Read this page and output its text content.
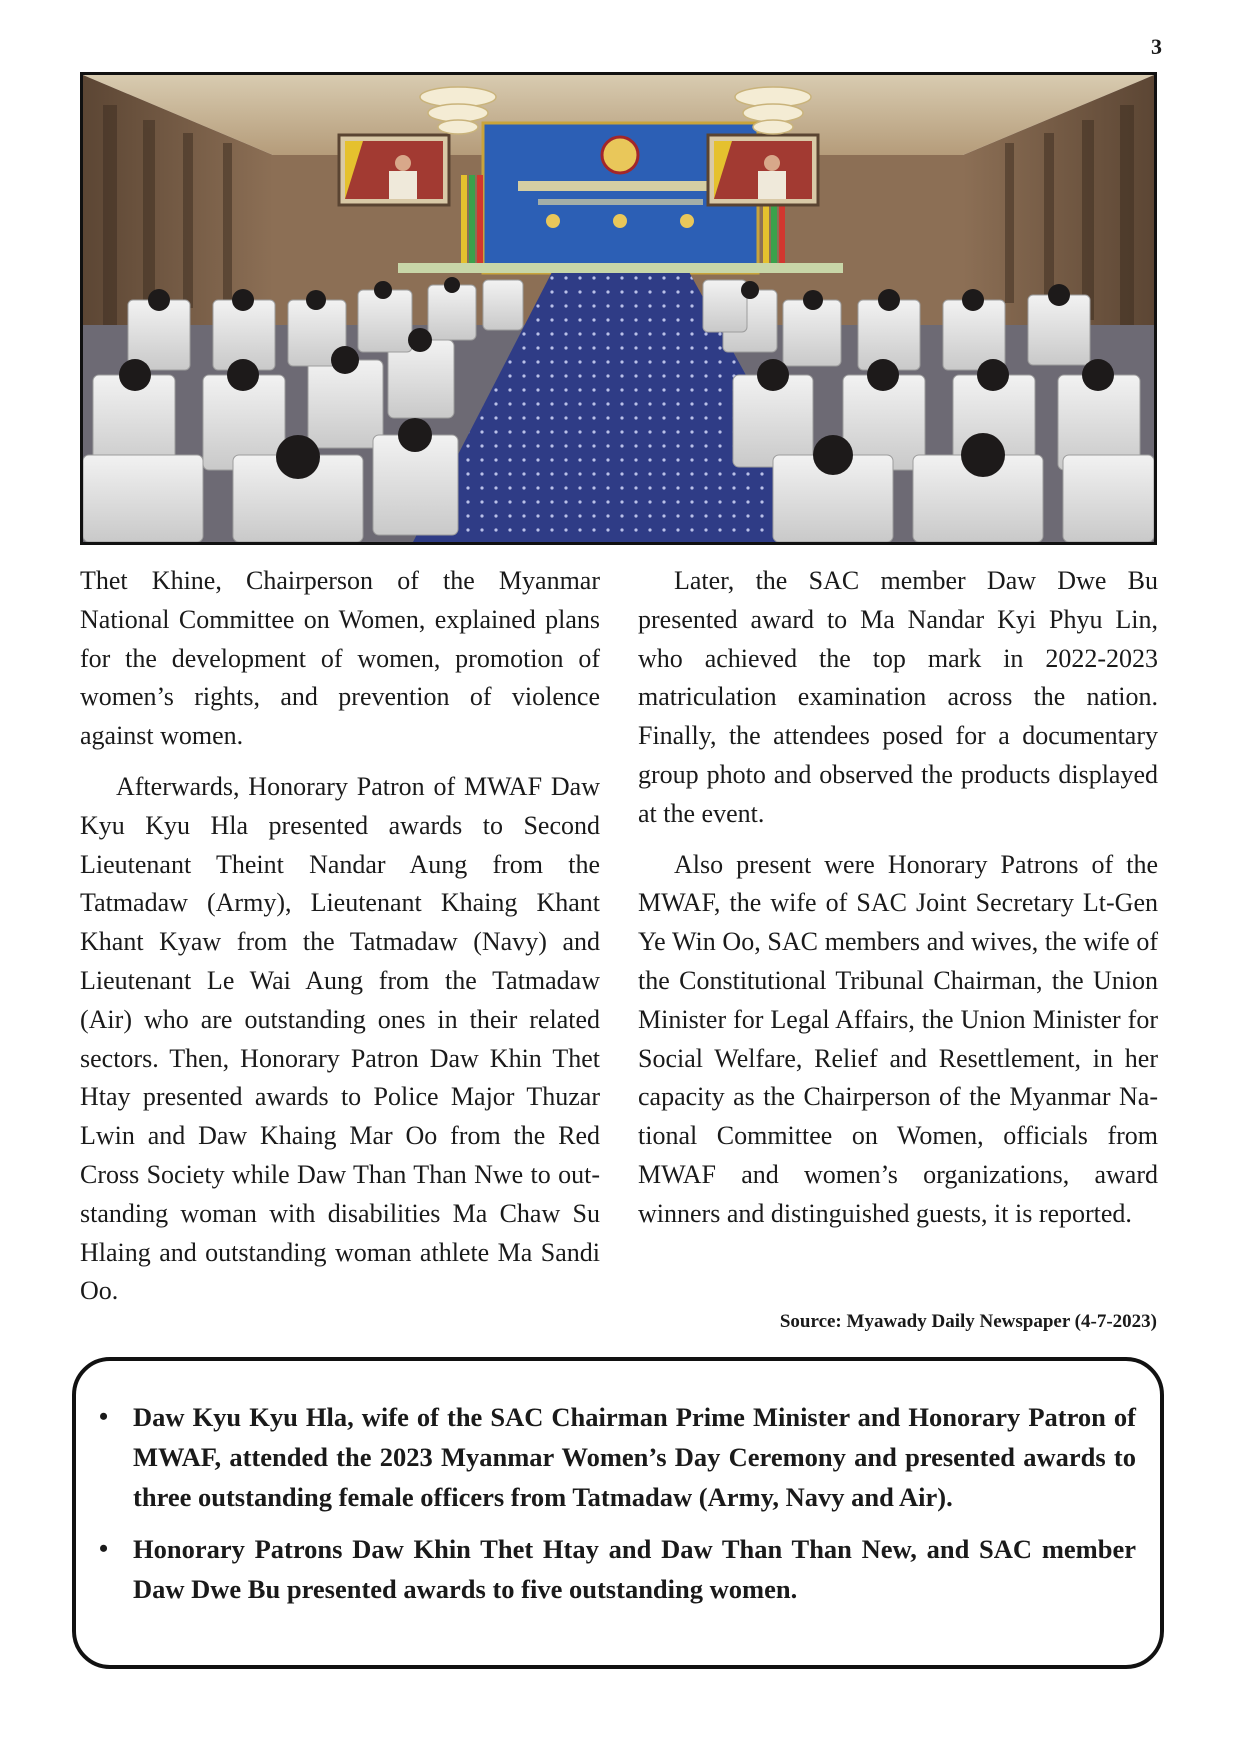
3

Thet Khine, Chairperson of the Myanmar National Committee on Women, explained plans for the development of women, promotion of women’s rights, and prevention of violence against women.

Afterwards, Honorary Patron of MWAF Daw Kyu Kyu Hla presented awards to Second Lieutenant Theint Nandar Aung from the Tatmadaw (Army), Lieutenant Khaing Khant Khant Kyaw from the Tatmadaw (Navy) and Lieutenant Le Wai Aung from the Tatmadaw (Air) who are outstanding ones in their related sectors. Then, Honorary Patron Daw Khin Thet Htay presented awards to Police Major Thuzar Lwin and Daw Khaing Mar Oo from the Red Cross Society while Daw Than Than Nwe to outstanding woman with disabilities Ma Chaw Su Hlaing and outstanding woman athlete Ma Sandi Oo.

Later, the SAC member Daw Dwe Bu presented award to Ma Nandar Kyi Phyu Lin, who achieved the top mark in 2022-2023 matriculation examination across the nation. Finally, the attendees posed for a documentary group photo and observed the products displayed at the event.

Also present were Honorary Patrons of the MWAF, the wife of SAC Joint Secretary Lt-Gen Ye Win Oo, SAC members and wives, the wife of the Constitutional Tribunal Chairman, the Union Minister for Legal Affairs, the Union Minister for Social Welfare, Relief and Resettlement, in her capacity as the Chairperson of the Myanmar National Committee on Women, officials from MWAF and women’s organizations, award winners and distinguished guests, it is reported.

Source: Myawady Daily Newspaper (4-7-2023)
• Daw Kyu Kyu Hla, wife of the SAC Chairman Prime Minister and Honorary Patron of MWAF, attended the 2023 Myanmar Women’s Day Ceremony and presented awards to three outstanding female officers from Tatmadaw (Army, Navy and Air).
• Honorary Patrons Daw Khin Thet Htay and Daw Than Than New, and SAC member Daw Dwe Bu presented awards to five outstanding women.
